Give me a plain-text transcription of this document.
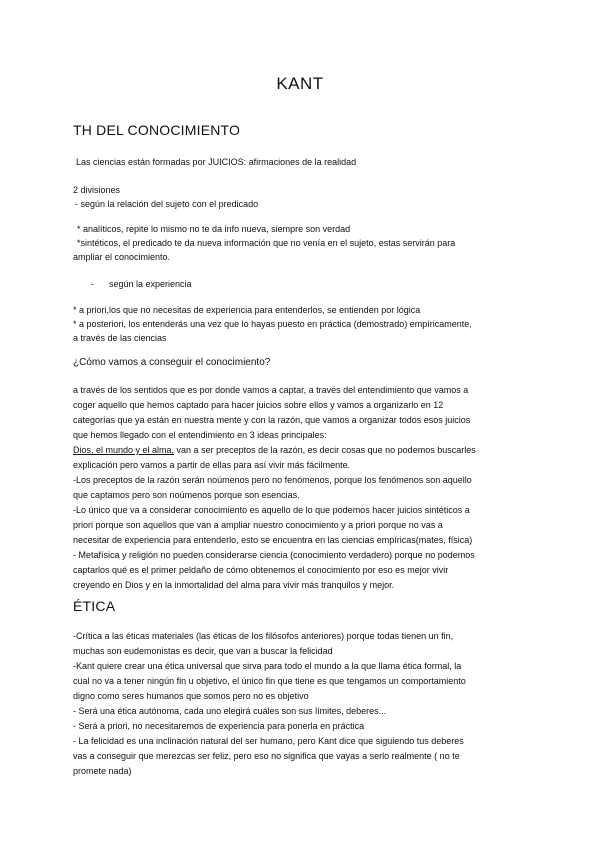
KANT
TH DEL CONOCIMIENTO
Las ciencias están formadas por JUICIOS: afirmaciones de la realidad
2 divisiones
- según la relación del sujeto con el predicado
* analíticos, repite lo mismo no te da info nueva, siempre son verdad
*sintéticos, el predicado te da nueva información que no venía en el sujeto, estas servirán para
ampliar el conocimiento.
-	según la experiencia
* a priori,los que no necesitas de experiencia para entenderlos, se entienden por lógica
* a posteriori, los entenderás una vez que lo hayas puesto en práctica (demostrado) empíricamente,
a través de las ciencias
¿Cómo vamos a conseguir el conocimiento?
a través de los sentidos que es por donde vamos a captar, a través del entendimiento que vamos a
coger aquello que hemos captado para hacer juicios sobre ellos y vamos a organizarlo en 12
categorías que ya están en nuestra mente y con la razón, que vamos a organizar todos esos juicios
que hemos llegado con el entendimiento en 3 ideas principales:
Dios, el mundo y el alma, van a ser preceptos de la razón, es decir cosas que no podemos buscarles
explicación pero vamos a partir de ellas para así vivir más fácilmente.
-Los preceptos de la razón serán noúmenos pero no fenómenos, porque los fenómenos son aquello
que captamos pero son noúmenos porque son esencias.
-Lo único que va a considerar conocimiento es aquello de lo que podemos hacer juicios sintéticos a
priori porque son aquellos que van a ampliar nuestro conocimiento y a priori porque no vas a
necesitar de experiencia para entenderlo, esto se encuentra en las ciencias empíricas(mates, física)
- Metafísica y religión no pueden considerarse ciencia (conocimiento verdadero) porque no podemos
captarlos qué es el primer peldaño de cómo obtenemos el conocimiento por eso es mejor vivir
creyendo en Dios y en la inmortalidad del alma para vivir más tranquilos y mejor.
ÉTICA
-Crítica a las éticas materiales (las éticas de los filósofos anteriores) porque todas tienen un fin,
muchas son eudemonistas es decir, que van a buscar la felicidad
-Kant quiere crear una ética universal que sirva para todo el mundo a la que llama ética formal, la
cual no va a tener ningún fin u objetivo, el único fin que tiene es que tengamos un comportamiento
digno como seres humanos que somos pero no es objetivo
- Será una ética autónoma, cada uno elegirá cuáles son sus límites, deberes...
- Será a priori, no necesitaremos de experiencia para ponerla en práctica
- La felicidad es una inclinación natural del ser humano, pero Kant dice que siguiendo tus deberes
vas a conseguir que merezcas ser feliz, pero eso no significa que vayas a serlo realmente ( no te
promete nada)
